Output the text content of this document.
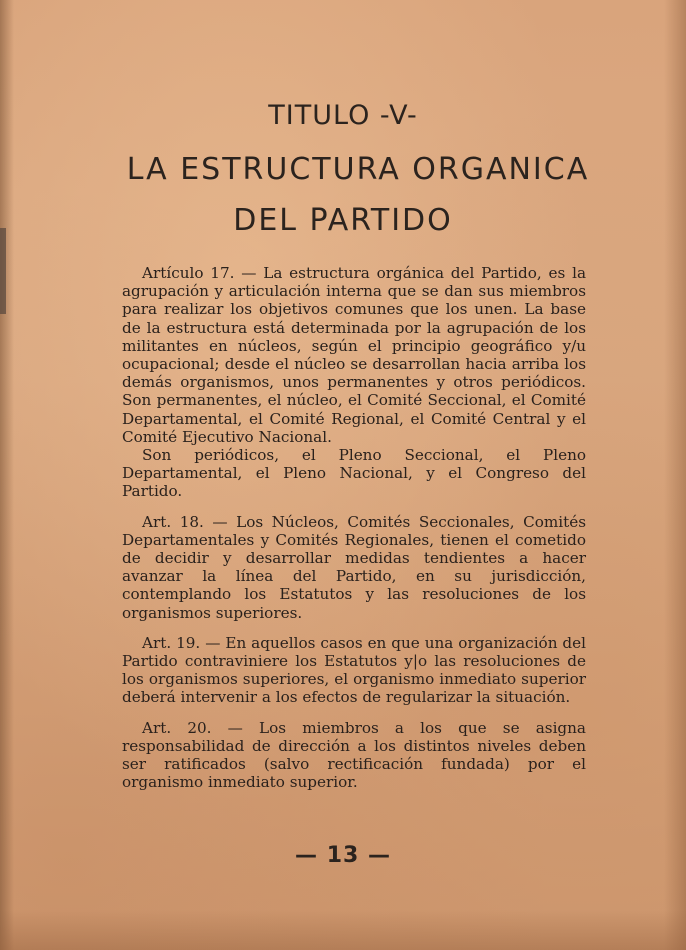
TITULO -V-
LA ESTRUCTURA ORGANICA
DEL PARTIDO

Artículo 17. — La estructura orgánica del Partido, es la agrupación y articulación interna que se dan sus miembros para realizar los objetivos comunes que los unen. La base de la estructura está determinada por la agrupación de los militantes en núcleos, según el principio geográfico y/u ocupacional; desde el núcleo se desarrollan hacia arriba los demás organismos, unos permanentes y otros periódicos. Son permanentes, el núcleo, el Comité Seccional, el Comité Departamental, el Comité Regional, el Comité Central y el Comité Ejecutivo Nacional.

Son periódicos, el Pleno Seccional, el Pleno Departamental, el Pleno Nacional, y el Congreso del Partido.

Art. 18. — Los Núcleos, Comités Seccionales, Comités Departamentales y Comités Regionales, tienen el cometido de decidir y desarrollar medidas tendientes a hacer avanzar la línea del Partido, en su jurisdicción, contemplando los Estatutos y las resoluciones de los organismos superiores.

Art. 19. — En aquellos casos en que una organización del Partido contraviniere los Estatutos y|o las resoluciones de los organismos superiores, el organismo inmediato superior deberá intervenir a los efectos de regularizar la situación.

Art. 20. — Los miembros a los que se asigna responsabilidad de dirección a los distintos niveles deben ser ratificados (salvo rectificación fundada) por el organismo inmediato superior.

— 13 —
